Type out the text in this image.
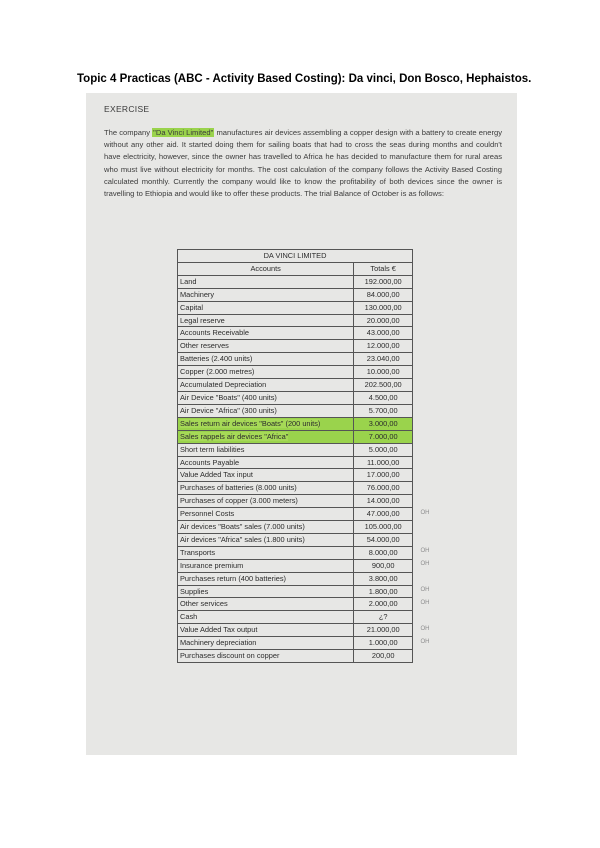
Topic 4 Practicas (ABC - Activity Based Costing): Da vinci, Don Bosco, Hephaistos.
EXERCISE
The company "Da Vinci Limited" manufactures air devices assembling a copper design with a battery to create energy without any other aid. It started doing them for sailing boats that had to cross the seas during months and couldn't have electricity, however, since the owner has travelled to Africa he has decided to manufacture them for rural areas who must live without electricity for months. The cost calculation of the company follows the Activity Based Costing calculated monthly. Currently the company would like to know the profitability of both devices since the owner is travelling to Ethiopia and would like to offer these products. The trial Balance of October is as follows:
DA VINCI LIMITED	
Accounts	Totals €
Land	192.000,00
Machinery	84.000,00
Capital	130.000,00
Legal reserve	20.000,00
Accounts Receivable	43.000,00
Other reserves	12.000,00
Batteries (2.400 units)	23.040,00
Copper (2.000 metres)	10.000,00
Accumulated Depreciation	202.500,00
Air Device "Boats" (400 units)	4.500,00
Air Device "Africa" (300 units)	5.700,00
Sales return air devices "Boats" (200 units)	3.000,00
Sales rappels air devices "Africa"	7.000,00
Short term liabilities	5.000,00
Accounts Payable	11.000,00
Value Added Tax input	17.000,00
Purchases of batteries (8.000 units)	76.000,00
Purchases of copper (3.000 meters)	14.000,00
Personnel Costs	47.000,00
Air devices "Boats" sales (7.000 units)	105.000,00
Air devices "Africa" sales (1.800 units)	54.000,00
Transports	8.000,00
Insurance premium	900,00
Purchases return (400 batteries)	3.800,00
Supplies	1.800,00
Other services	2.000,00
Cash	¿?
Value Added Tax output	21.000,00
Machinery depreciation	1.000,00
Purchases discount on copper	200,00
OH
OH
OH
OH
OH
OH
OH
